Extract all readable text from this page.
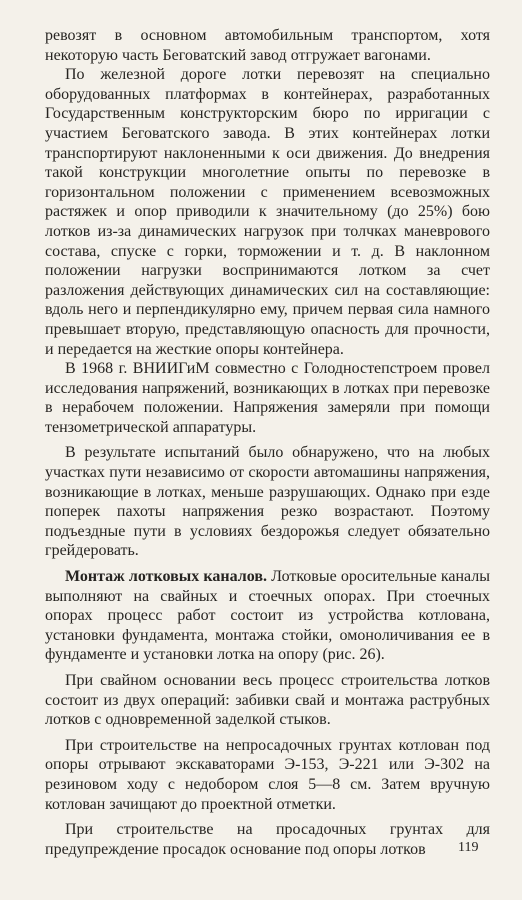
ревозят в основном автомобильным транспортом, хотя некоторую часть Беговатский завод отгружает вагонами.

По железной дороге лотки перевозят на специально оборудованных платформах в контейнерах, разработанных Государственным конструкторским бюро по ирригации с участием Беговатского завода. В этих контейнерах лотки транспортируют наклоненными к оси движения. До внедрения такой конструкции многолетние опыты по перевозке в горизонтальном положении с применением всевозможных растяжек и опор приводили к значительному (до 25%) бою лотков из-за динамических нагрузок при толчках маневрового состава, спуске с горки, торможении и т. д. В наклонном положении нагрузки воспринимаются лотком за счет разложения действующих динамических сил на составляющие: вдоль него и перпендикулярно ему, причем первая сила намного превышает вторую, представляющую опасность для прочности, и передается на жесткие опоры контейнера.

В 1968 г. ВНИИГиМ совместно с Голодностепстроем провел исследования напряжений, возникающих в лотках при перевозке в нерабочем положении. Напряжения замеряли при помощи тензометрической аппаратуры.

В результате испытаний было обнаружено, что на любых участках пути независимо от скорости автомашины напряжения, возникающие в лотках, меньше разрушающих. Однако при езде поперек пахоты напряжения резко возрастают. Поэтому подъездные пути в условиях бездорожья следует обязательно грейдеровать.

Монтаж лотковых каналов. Лотковые оросительные каналы выполняют на свайных и стоечных опорах. При стоечных опорах процесс работ состоит из устройства котлована, установки фундамента, монтажа стойки, омоноличивания ее в фундаменте и установки лотка на опору (рис. 26).

При свайном основании весь процесс строительства лотков состоит из двух операций: забивки свай и монтажа раструбных лотков с одновременной заделкой стыков.

При строительстве на непросадочных грунтах котлован под опоры отрывают экскаваторами Э-153, Э-221 или Э-302 на резиновом ходу с недобором слоя 5—8 см. Затем вручную котлован зачищают до проектной отметки.

При строительстве на просадочных грунтах для предупреждение просадок основание под опоры лотков	119
